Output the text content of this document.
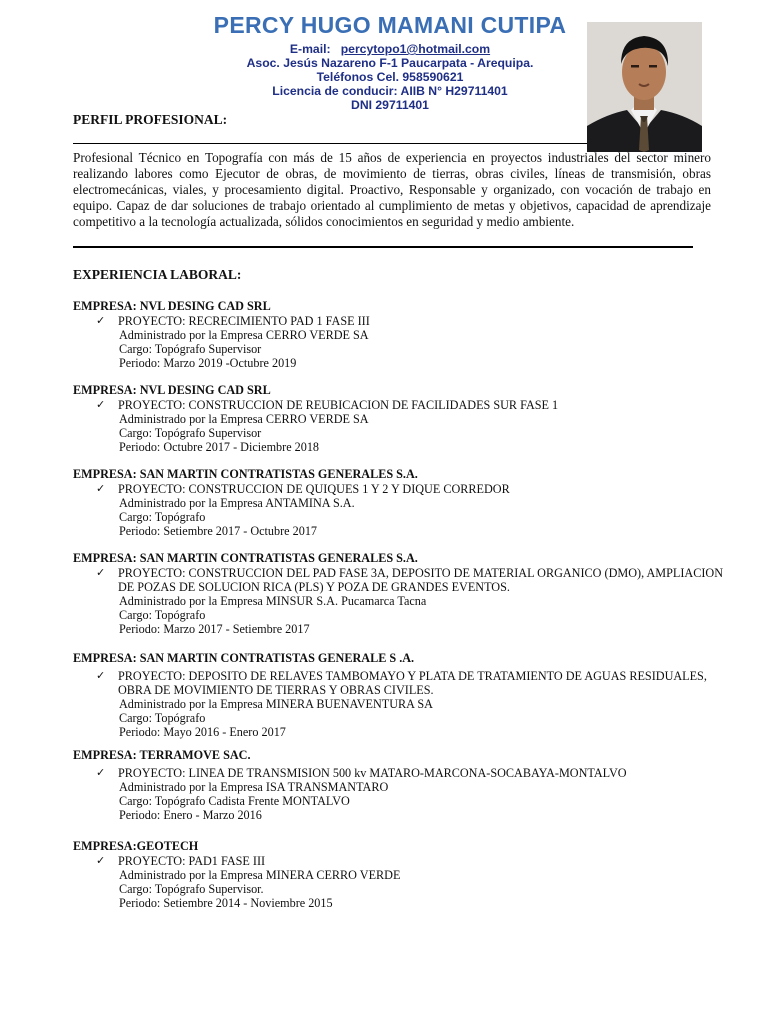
PERCY HUGO MAMANI CUTIPA
E-mail: percytopo1@hotmail.com
Asoc. Jesús Nazareno F-1 Paucarpata - Arequipa.
Teléfonos Cel. 958590621
Licencia de conducir: AIIB N° H29711401
DNI 29711401
PERFIL PROFESIONAL:
Profesional Técnico en Topografía con más de 15 años de experiencia en proyectos industriales del sector minero realizando labores como Ejecutor de obras, de movimiento de tierras, obras civiles, líneas de transmisión, obras electromecánicas, viales, y procesamiento digital. Proactivo, Responsable y organizado, con vocación de trabajo en equipo. Capaz de dar soluciones de trabajo orientado al cumplimiento de metas y objetivos, capacidad de aprendizaje competitivo a la tecnología actualizada, sólidos conocimientos en seguridad y medio ambiente.
EXPERIENCIA LABORAL:
EMPRESA: NVL DESING CAD SRL
✓ PROYECTO: RECRECIMIENTO PAD 1 FASE III
Administrado por la Empresa CERRO VERDE SA
Cargo: Topógrafo Supervisor
Periodo: Marzo 2019 -Octubre 2019
EMPRESA: NVL DESING CAD SRL
✓ PROYECTO: CONSTRUCCION DE REUBICACION DE FACILIDADES SUR FASE 1
Administrado por la Empresa CERRO VERDE SA
Cargo: Topógrafo Supervisor
Periodo: Octubre 2017 - Diciembre 2018
EMPRESA: SAN MARTIN CONTRATISTAS GENERALES S.A.
✓ PROYECTO: CONSTRUCCION DE QUIQUES 1 Y 2 Y DIQUE CORREDOR
Administrado por la Empresa ANTAMINA S.A.
Cargo: Topógrafo
Periodo: Setiembre 2017 - Octubre 2017
EMPRESA: SAN MARTIN CONTRATISTAS GENERALES S.A.
✓ PROYECTO: CONSTRUCCION DEL PAD FASE 3A, DEPOSITO DE MATERIAL ORGANICO (DMO), AMPLIACION DE POZAS DE SOLUCION RICA (PLS) Y POZA DE GRANDES EVENTOS.
Administrado por la Empresa MINSUR S.A. Pucamarca Tacna
Cargo: Topógrafo
Periodo: Marzo 2017 - Setiembre 2017
EMPRESA: SAN MARTIN CONTRATISTAS GENERALE S .A.
✓ PROYECTO: DEPOSITO DE RELAVES TAMBOMAYO Y PLATA DE TRATAMIENTO DE AGUAS RESIDUALES, OBRA DE MOVIMIENTO DE TIERRAS Y OBRAS CIVILES.
Administrado por la Empresa MINERA BUENAVENTURA SA
Cargo: Topógrafo
Periodo: Mayo 2016 - Enero 2017
EMPRESA: TERRAMOVE SAC.
✓ PROYECTO: LINEA DE TRANSMISION 500 kv MATARO-MARCONA-SOCABAYA-MONTALVO
Administrado por la Empresa ISA TRANSMANTARO
Cargo: Topógrafo Cadista Frente MONTALVO
Periodo: Enero - Marzo 2016
EMPRESA:GEOTECH
✓ PROYECTO: PAD1 FASE III
Administrado por la Empresa MINERA CERRO VERDE
Cargo: Topógrafo Supervisor.
Periodo: Setiembre 2014 - Noviembre 2015
